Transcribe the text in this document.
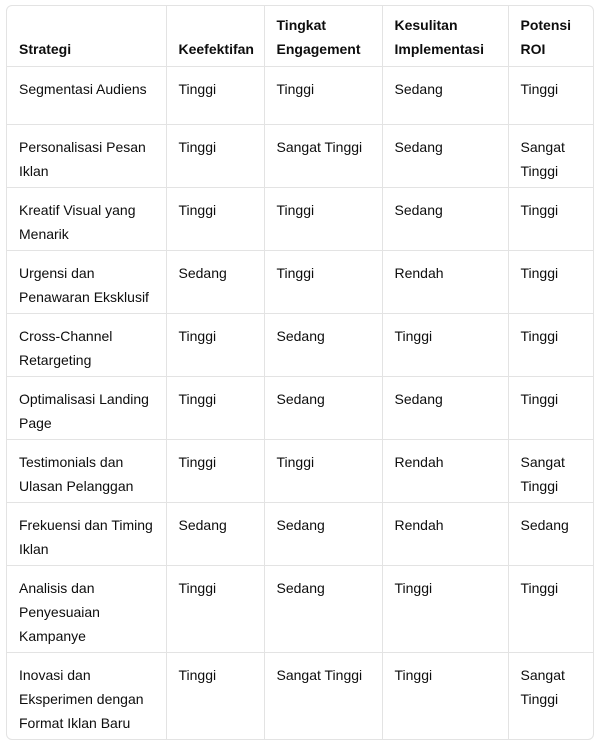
Strategi	Keefektifan	Tingkat Engagement	Kesulitan Implementasi	Potensi ROI
Segmentasi Audiens	Tinggi	Tinggi	Sedang	Tinggi
Personalisasi Pesan Iklan	Tinggi	Sangat Tinggi	Sedang	Sangat Tinggi
Kreatif Visual yang Menarik	Tinggi	Tinggi	Sedang	Tinggi
Urgensi dan Penawaran Eksklusif	Sedang	Tinggi	Rendah	Tinggi
Cross-Channel Retargeting	Tinggi	Sedang	Tinggi	Tinggi
Optimalisasi Landing Page	Tinggi	Sedang	Sedang	Tinggi
Testimonials dan Ulasan Pelanggan	Tinggi	Tinggi	Rendah	Sangat Tinggi
Frekuensi dan Timing Iklan	Sedang	Sedang	Rendah	Sedang
Analisis dan Penyesuaian Kampanye	Tinggi	Sedang	Tinggi	Tinggi
Inovasi dan Eksperimen dengan Format Iklan Baru	Tinggi	Sangat Tinggi	Tinggi	Sangat Tinggi
